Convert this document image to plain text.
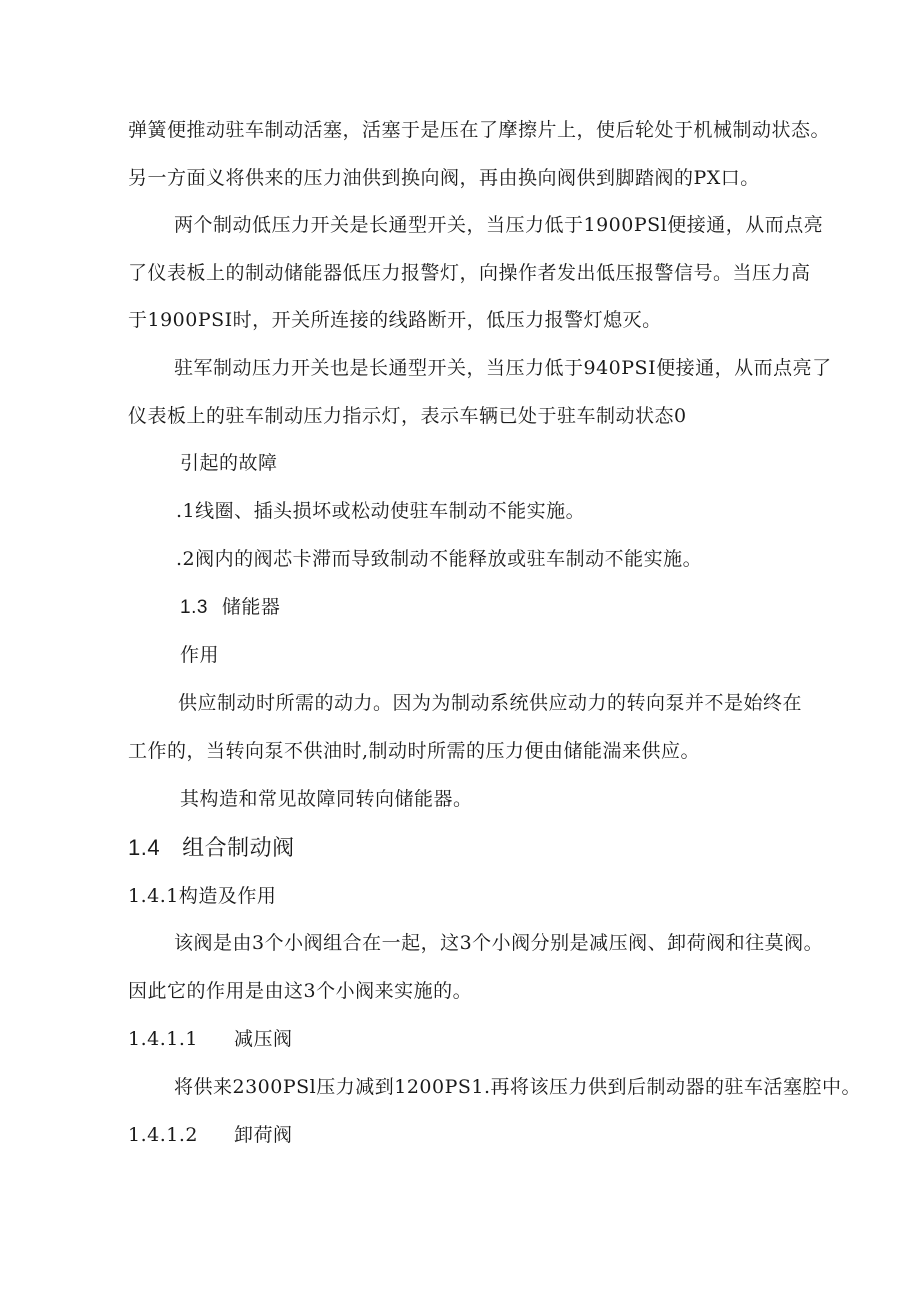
弹簧便推动驻车制动活塞，活塞于是压在了摩擦片上，使后轮处于机械制动状态。
另一方面义将供来的压力油供到换向阀，再由换向阀供到脚踏阀的PX口。
两个制动低压力开关是长通型开关，当压力低于1900PSl便接通，从而点亮
了仪表板上的制动储能器低压力报警灯，向操作者发出低压报警信号。当压力高
于1900PSI时，开关所连接的线路断开，低压力报警灯熄灭。
驻军制动压力开关也是长通型开关，当压力低于940PSI便接通，从而点亮了
仪表板上的驻车制动压力指示灯，表示车辆已处于驻车制动状态0
引起的故障
.1线圈、插头损坏或松动使驻车制动不能实施。
.2阀内的阀芯卡滞而导致制动不能释放或驻车制动不能实施。
1.3 储能器
作用
供应制动时所需的动力。因为为制动系统供应动力的转向泵并不是始终在
工作的，当转向泵不供油时,制动时所需的压力便由储能湍来供应。
其构造和常见故障同转向储能器。
1.4 组合制动阀
1.4.1构造及作用
该阀是由3个小阀组合在一起，这3个小阀分别是减压阀、卸荷阀和往莫阀。
因此它的作用是由这3个小阀来实施的。
1.4.1.1 减压阀
将供来2300PSl压力减到1200PS1.再将该压力供到后制动器的驻车活塞腔中。
1.4.1.2 卸荷阀
